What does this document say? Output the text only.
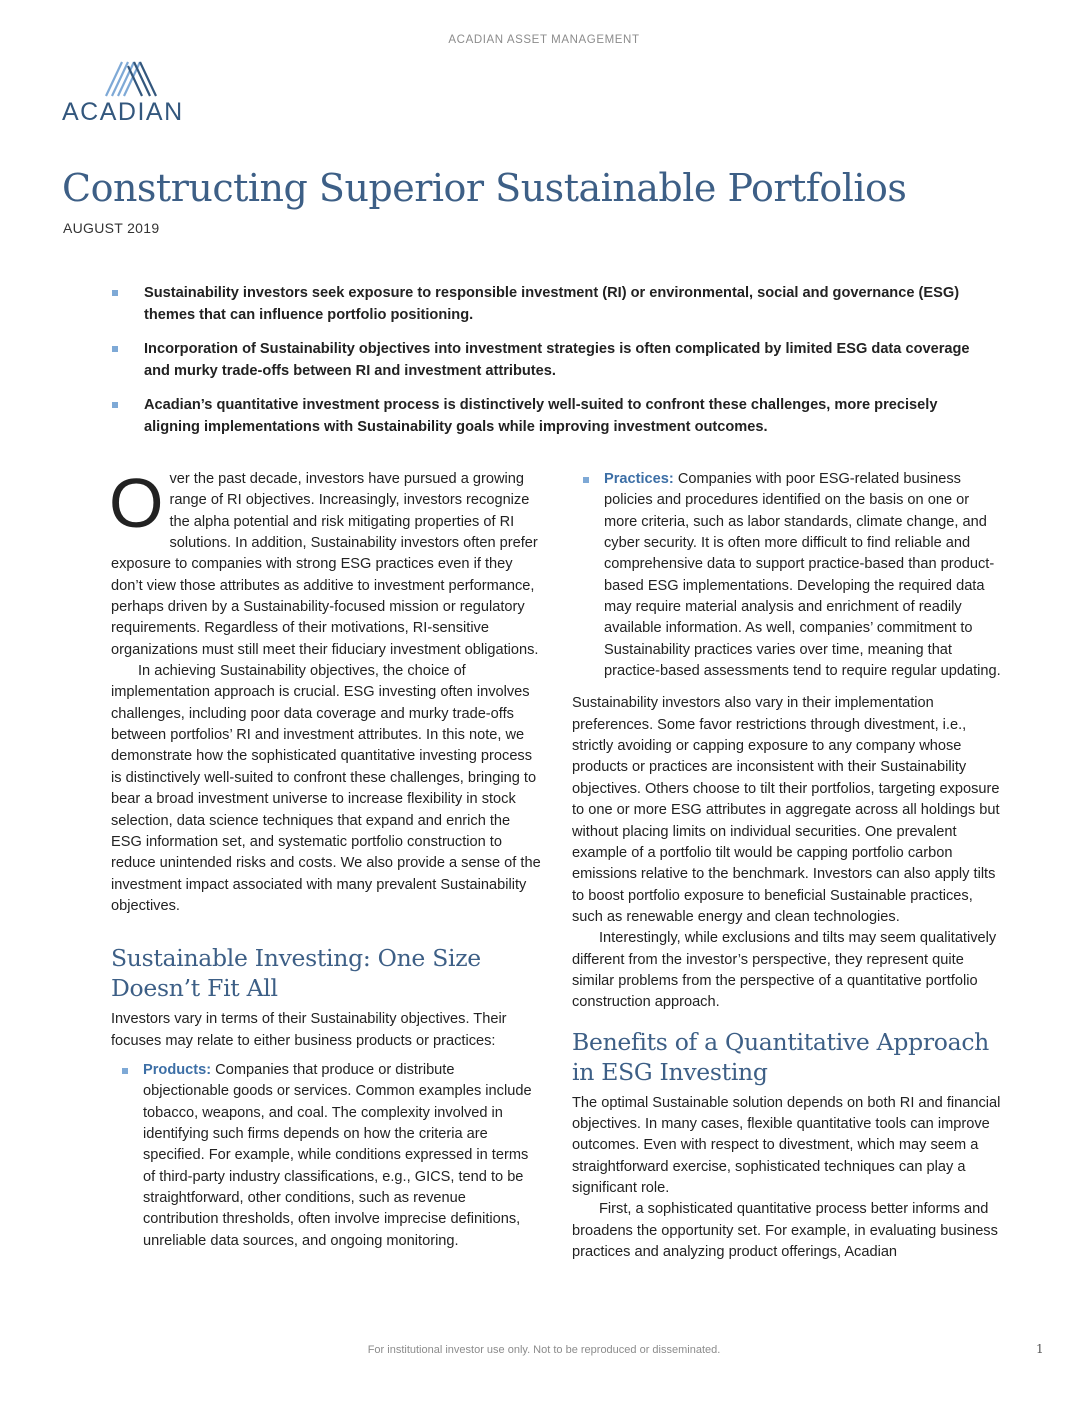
ACADIAN ASSET MANAGEMENT
ACADIAN
Constructing Superior Sustainable Portfolios
AUGUST 2019
Sustainability investors seek exposure to responsible investment (RI) or environmental, social and governance (ESG) themes that can influence portfolio positioning.
Incorporation of Sustainability objectives into investment strategies is often complicated by limited ESG data coverage and murky trade-offs between RI and investment attributes.
Acadian’s quantitative investment process is distinctively well-suited to confront these challenges, more precisely aligning implementations with Sustainability goals while improving investment outcomes.

Over the past decade, investors have pursued a growing range of RI objectives. Increasingly, investors recognize the alpha potential and risk mitigating properties of RI solutions. In addition, Sustainability investors often prefer exposure to companies with strong ESG practices even if they don’t view those attributes as additive to investment performance, perhaps driven by a Sustainability-focused mission or regulatory requirements. Regardless of their motivations, RI-sensitive organizations must still meet their fiduciary investment obligations.

In achieving Sustainability objectives, the choice of implementation approach is crucial. ESG investing often involves challenges, including poor data coverage and murky trade-offs between portfolios’ RI and investment attributes. In this note, we demonstrate how the sophisticated quantitative investing process is distinctively well-suited to confront these challenges, bringing to bear a broad investment universe to increase flexibility in stock selection, data science techniques that expand and enrich the ESG information set, and systematic portfolio construction to reduce unintended risks and costs. We also provide a sense of the investment impact associated with many prevalent Sustainability objectives.

Sustainable Investing: One Size Doesn’t Fit All

Investors vary in terms of their Sustainability objectives. Their focuses may relate to either business products or practices:

Products: Companies that produce or distribute objectionable goods or services. Common examples include tobacco, weapons, and coal. The complexity involved in identifying such firms depends on how the criteria are specified. For example, while conditions expressed in terms of third-party industry classifications, e.g., GICS, tend to be straightforward, other conditions, such as revenue contribution thresholds, often involve imprecise definitions, unreliable data sources, and ongoing monitoring.
Practices: Companies with poor ESG-related business policies and procedures identified on the basis on one or more criteria, such as labor standards, climate change, and cyber security. It is often more difficult to find reliable and comprehensive data to support practice-based than product-based ESG implementations. Developing the required data may require material analysis and enrichment of readily available information. As well, companies’ commitment to Sustainability practices varies over time, meaning that practice-based assessments tend to require regular updating.

Sustainability investors also vary in their implementation preferences. Some favor restrictions through divestment, i.e., strictly avoiding or capping exposure to any company whose products or practices are inconsistent with their Sustainability objectives. Others choose to tilt their portfolios, targeting exposure to one or more ESG attributes in aggregate across all holdings but without placing limits on individual securities. One prevalent example of a portfolio tilt would be capping portfolio carbon emissions relative to the benchmark. Investors can also apply tilts to boost portfolio exposure to beneficial Sustainable practices, such as renewable energy and clean technologies.

Interestingly, while exclusions and tilts may seem qualitatively different from the investor’s perspective, they represent quite similar problems from the perspective of a quantitative portfolio construction approach.

Benefits of a Quantitative Approach in ESG Investing

The optimal Sustainable solution depends on both RI and financial objectives. In many cases, flexible quantitative tools can improve outcomes. Even with respect to divestment, which may seem a straightforward exercise, sophisticated techniques can play a significant role.

First, a sophisticated quantitative process better informs and broadens the opportunity set. For example, in evaluating business practices and analyzing product offerings, Acadian

For institutional investor use only. Not to be reproduced or disseminated.	1
